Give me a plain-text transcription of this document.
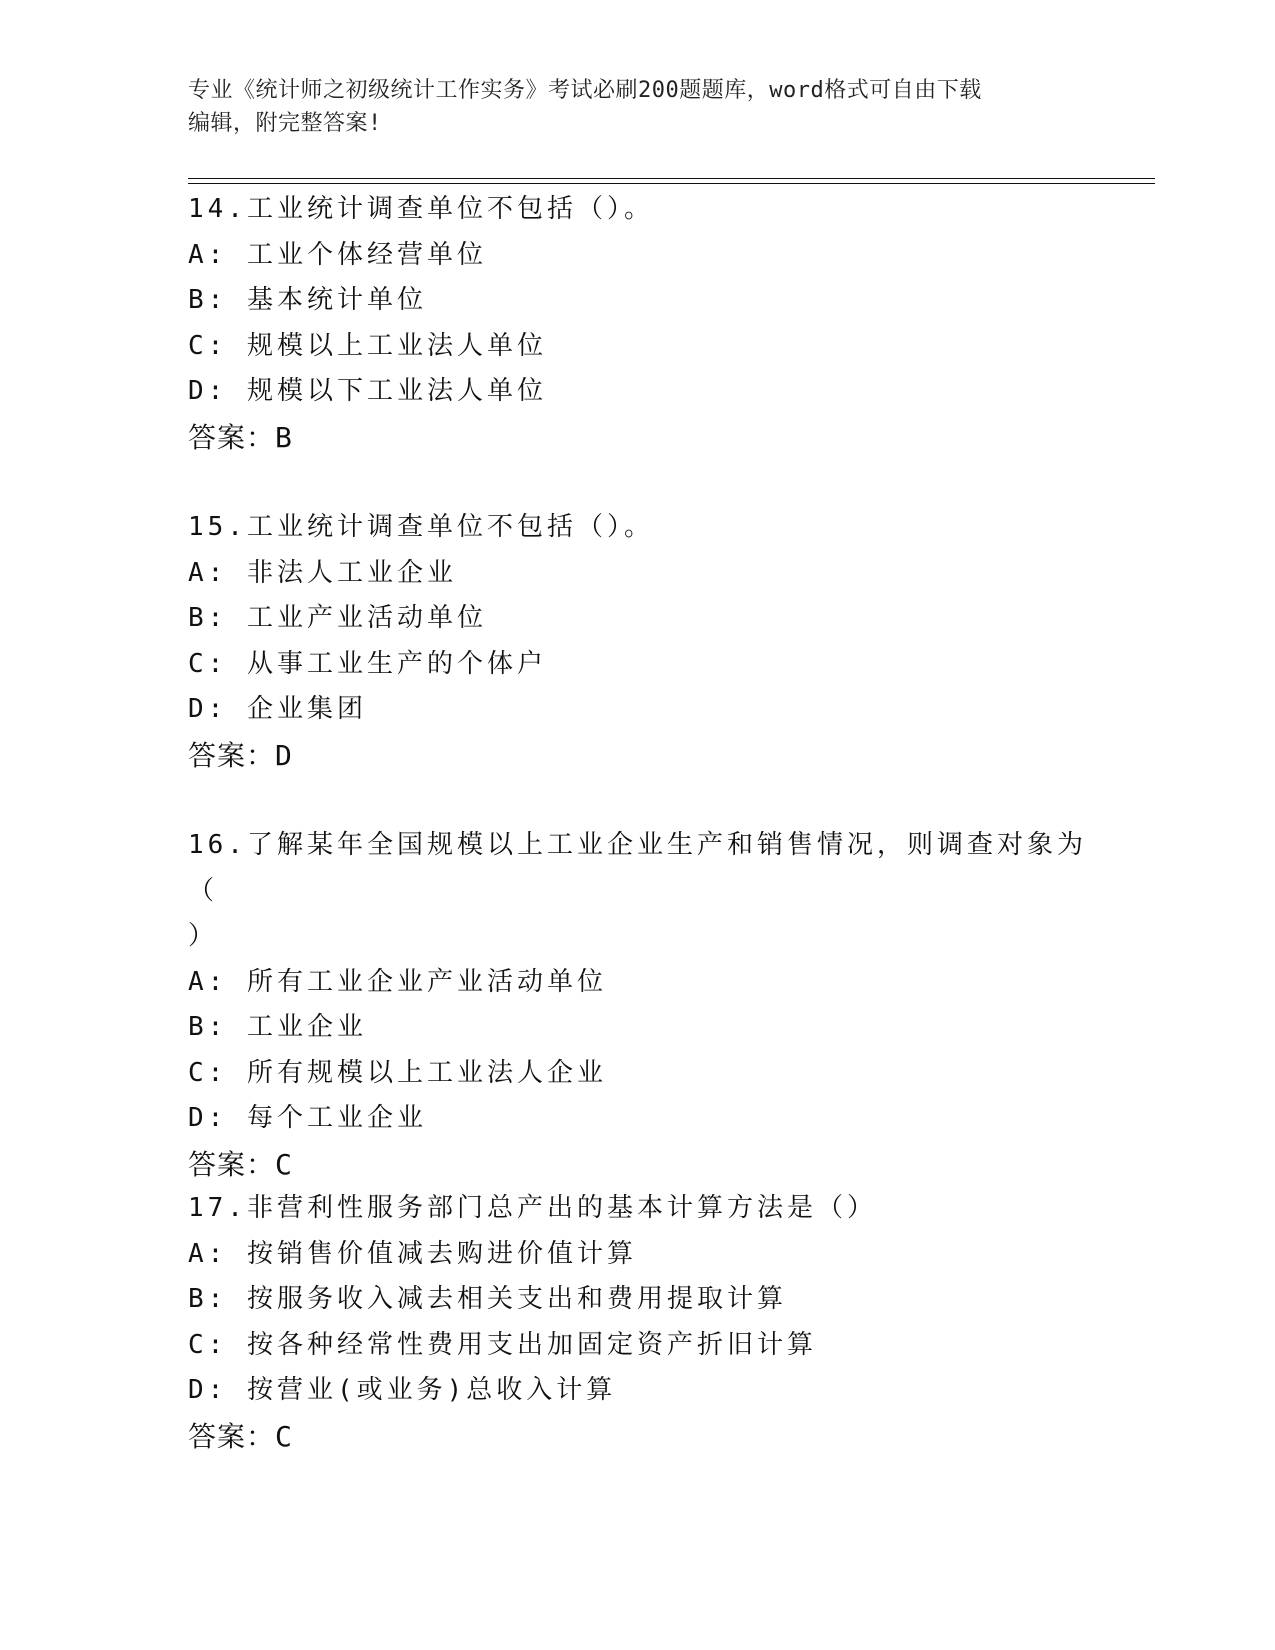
专业《统计师之初级统计工作实务》考试必刷200题题库，word格式可自由下载
编辑，附完整答案!
14.工业统计调查单位不包括（）。
A: 工业个体经营单位
B: 基本统计单位
C: 规模以上工业法人单位
D: 规模以下工业法人单位
答案：B
15.工业统计调查单位不包括（）。
A: 非法人工业企业
B: 工业产业活动单位
C: 从事工业生产的个体户
D: 企业集团
答案：D
16.了解某年全国规模以上工业企业生产和销售情况，则调查对象为（
）
A: 所有工业企业产业活动单位
B: 工业企业
C: 所有规模以上工业法人企业
D: 每个工业企业
答案：C
17.非营利性服务部门总产出的基本计算方法是（）
A: 按销售价值减去购进价值计算
B: 按服务收入减去相关支出和费用提取计算
C: 按各种经常性费用支出加固定资产折旧计算
D: 按营业(或业务)总收入计算
答案：C
